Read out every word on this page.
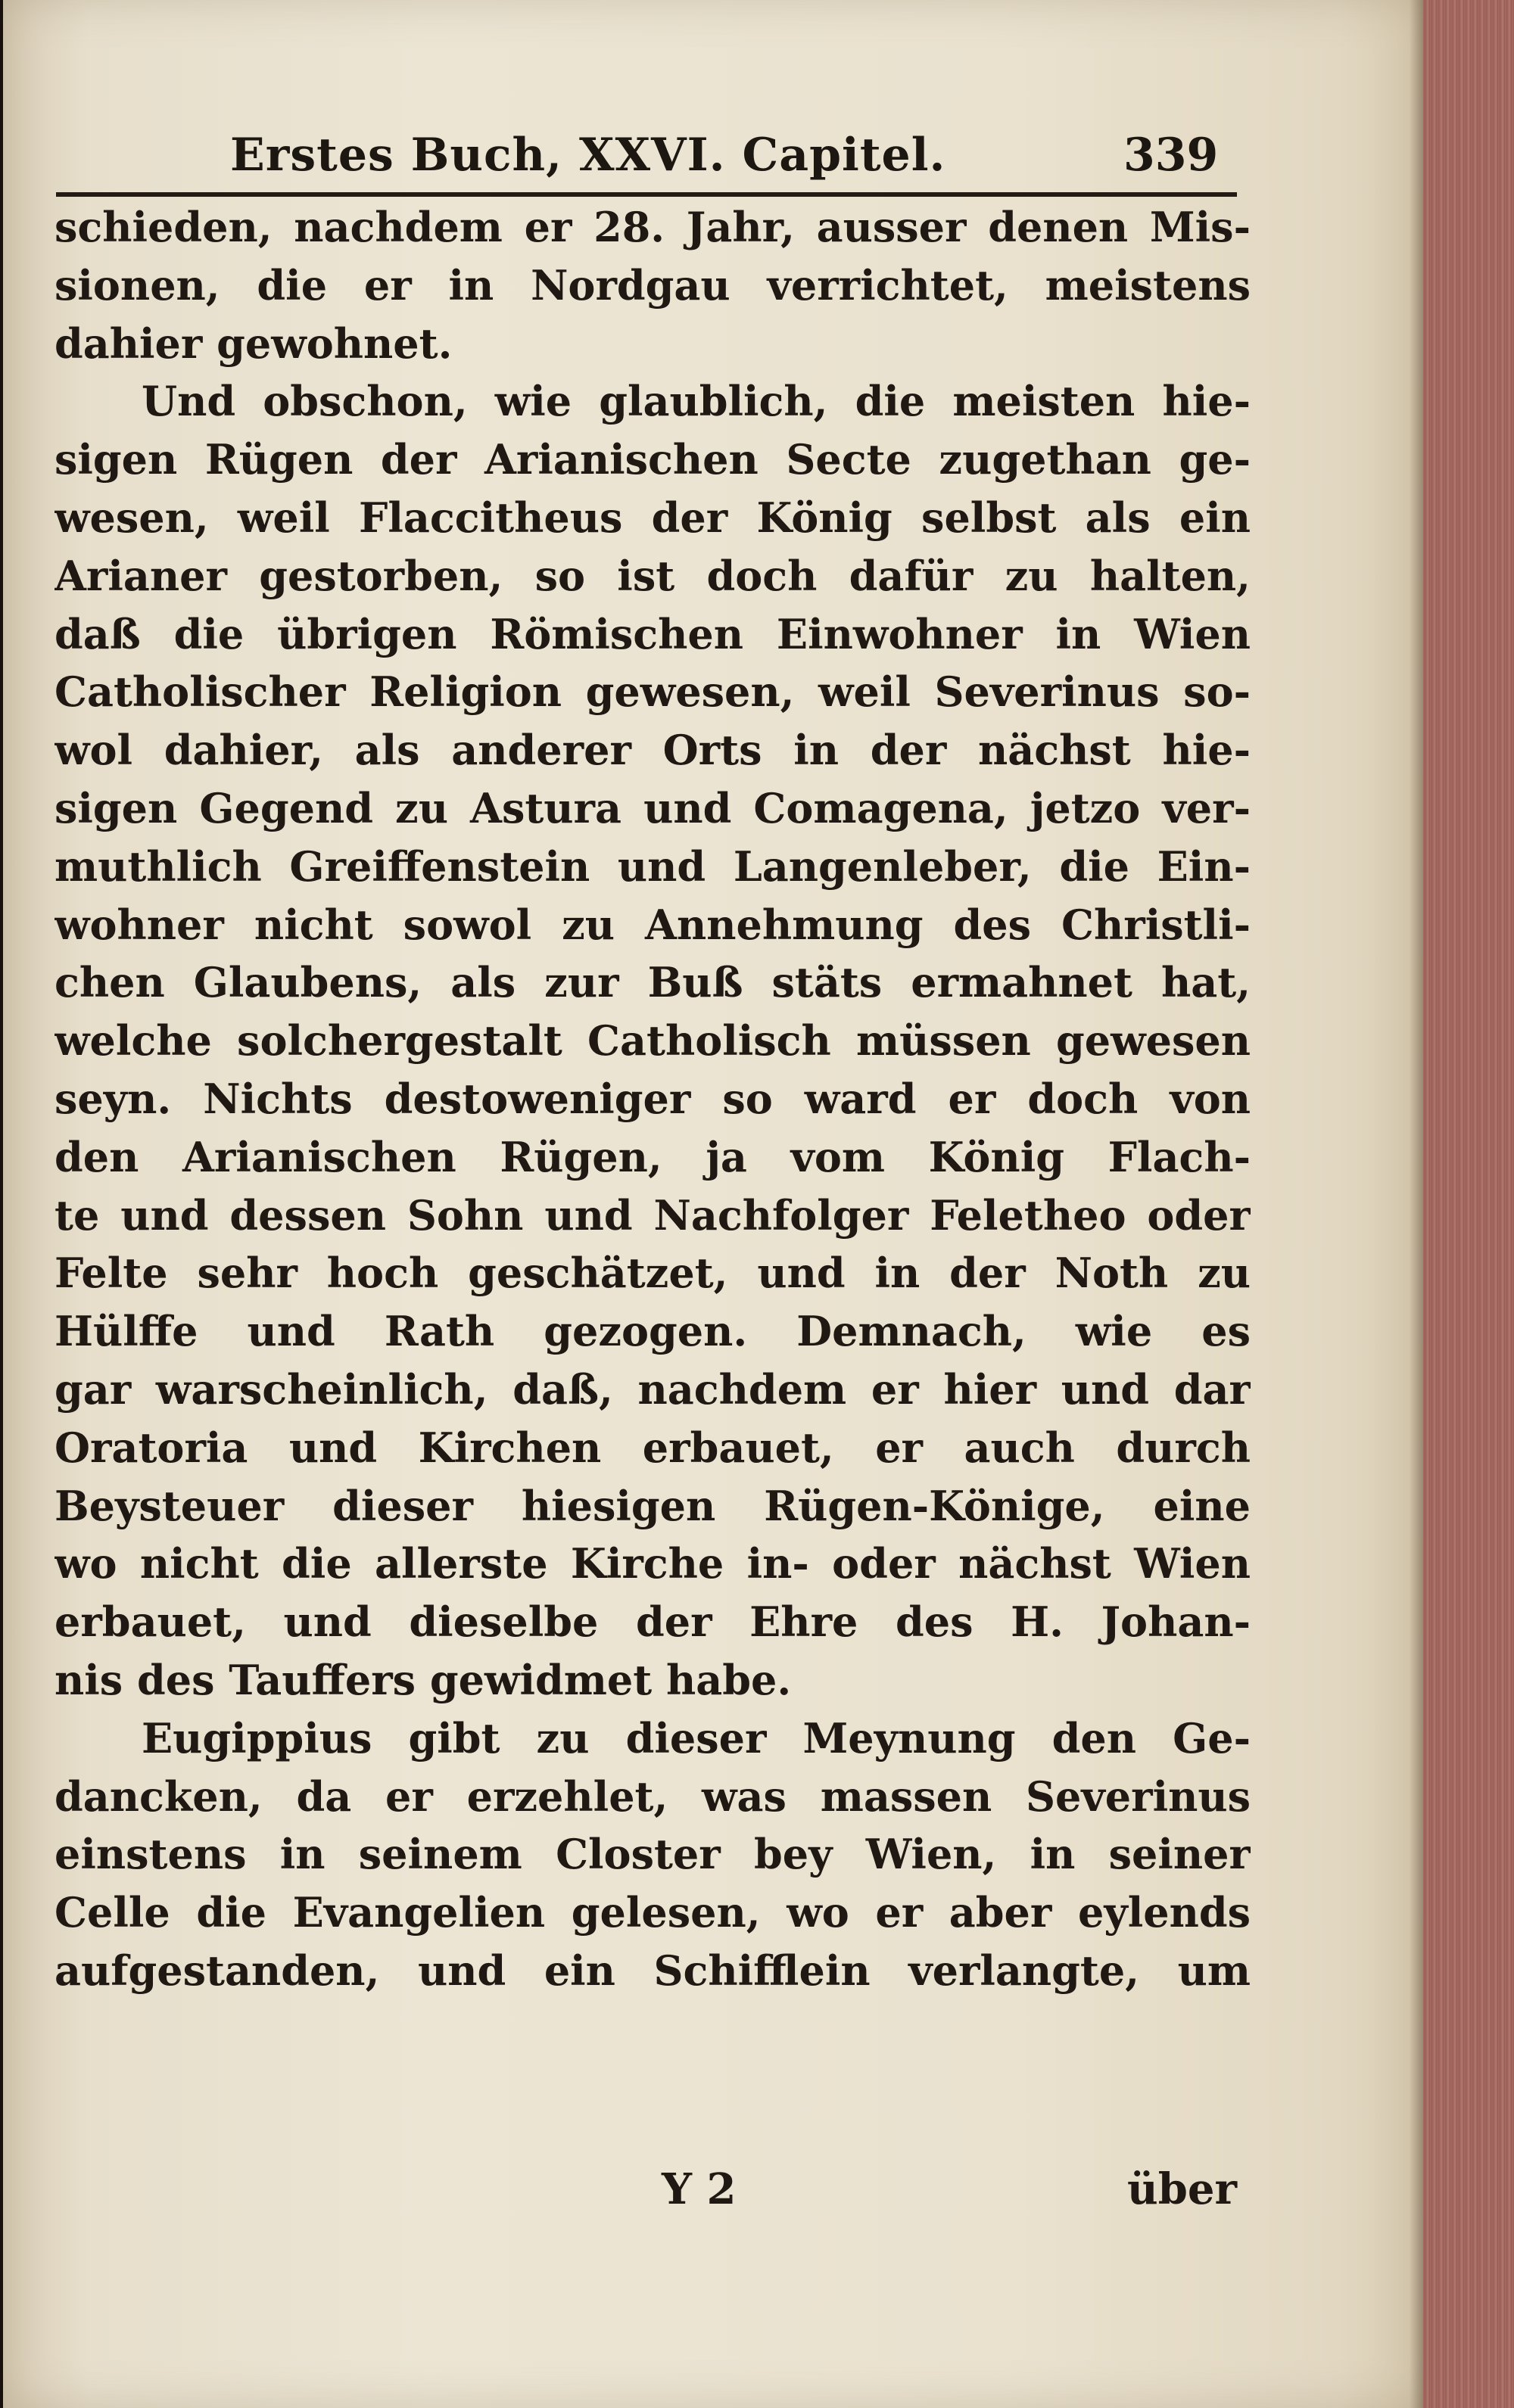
Erstes Buch, XXVI. Capitel.	339
schieden, nachdem er 28. Jahr, ausser denen Mis-
sionen, die er in Nordgau verrichtet, meistens
dahier gewohnet.
Und obschon, wie glaublich, die meisten hie-
sigen Rügen der Arianischen Secte zugethan ge-
wesen, weil Flaccitheus der König selbst als ein
Arianer gestorben, so ist doch dafür zu halten,
daß die übrigen Römischen Einwohner in Wien
Catholischer Religion gewesen, weil Severinus so-
wol dahier, als anderer Orts in der nächst hie-
sigen Gegend zu Astura und Comagena, jetzo ver-
muthlich Greiffenstein und Langenleber, die Ein-
wohner nicht sowol zu Annehmung des Christli-
chen Glaubens, als zur Buß stäts ermahnet hat,
welche solchergestalt Catholisch müssen gewesen
seyn. Nichts destoweniger so ward er doch von
den Arianischen Rügen, ja vom König Flach-
te und dessen Sohn und Nachfolger Feletheo oder
Felte sehr hoch geschätzet, und in der Noth zu
Hülffe und Rath gezogen. Demnach, wie es
gar warscheinlich, daß, nachdem er hier und dar
Oratoria und Kirchen erbauet, er auch durch
Beysteuer dieser hiesigen Rügen-Könige, eine
wo nicht die allerste Kirche in- oder nächst Wien
erbauet, und dieselbe der Ehre des H. Johan-
nis des Tauffers gewidmet habe.
Eugippius gibt zu dieser Meynung den Ge-
dancken, da er erzehlet, was massen Severinus
einstens in seinem Closter bey Wien, in seiner
Celle die Evangelien gelesen, wo er aber eylends
aufgestanden, und ein Schifflein verlangte, um
Y 2	über
